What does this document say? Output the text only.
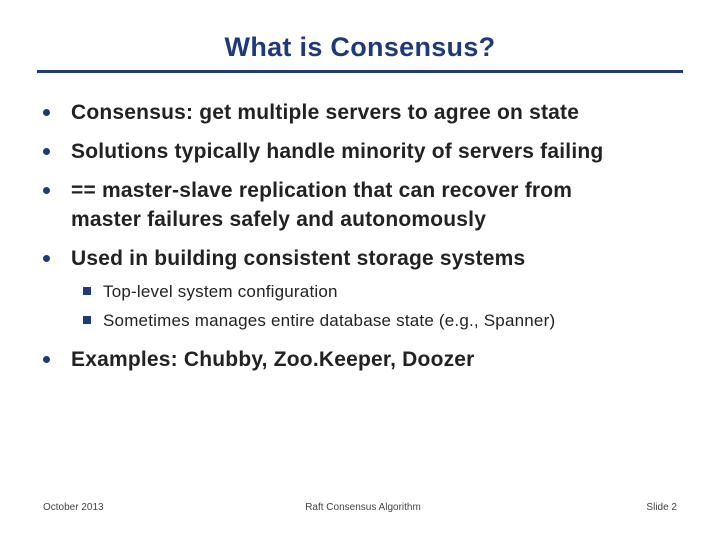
What is Consensus?
Consensus: get multiple servers to agree on state
Solutions typically handle minority of servers failing
== master-slave replication that can recover from
master failures safely and autonomously
Used in building consistent storage systems
Top-level system configuration
Sometimes manages entire database state (e.g., Spanner)
Examples: Chubby, Zoo.Keeper, Doozer
October 2013	Raft Consensus Algorithm	Slide 2
